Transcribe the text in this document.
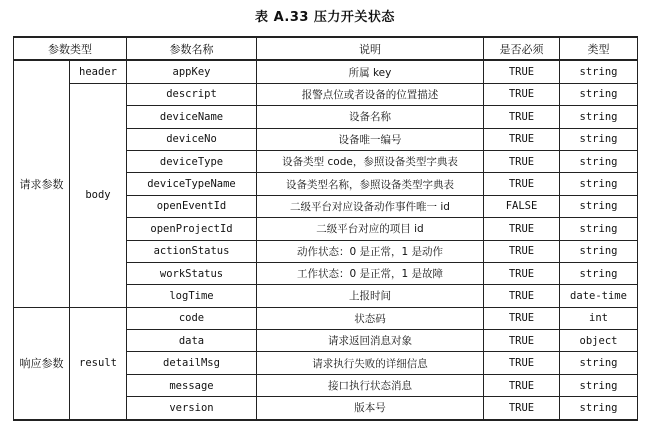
表 A.33 压力开关状态
参数类型		参数名称	说明	是否必须	类型
请求参数	header	appKey	所属 key	TRUE	string
	body	descript	报警点位或者设备的位置描述	TRUE	string
		deviceName	设备名称	TRUE	string
		deviceNo	设备唯一编号	TRUE	string
		deviceType	设备类型 code，参照设备类型字典表	TRUE	string
		deviceTypeName	设备类型名称，参照设备类型字典表	TRUE	string
		openEventId	二级平台对应设备动作事件唯一 id	FALSE	string
		openProjectId	二级平台对应的项目 id	TRUE	string
		actionStatus	动作状态：0 是正常，1 是动作	TRUE	string
		workStatus	工作状态：0 是正常，1 是故障	TRUE	string
		logTime	上报时间	TRUE	date-time
响应参数	result	code	状态码	TRUE	int
		data	请求返回消息对象	TRUE	object
		detailMsg	请求执行失败的详细信息	TRUE	string
		message	接口执行状态消息	TRUE	string
		version	版本号	TRUE	string
